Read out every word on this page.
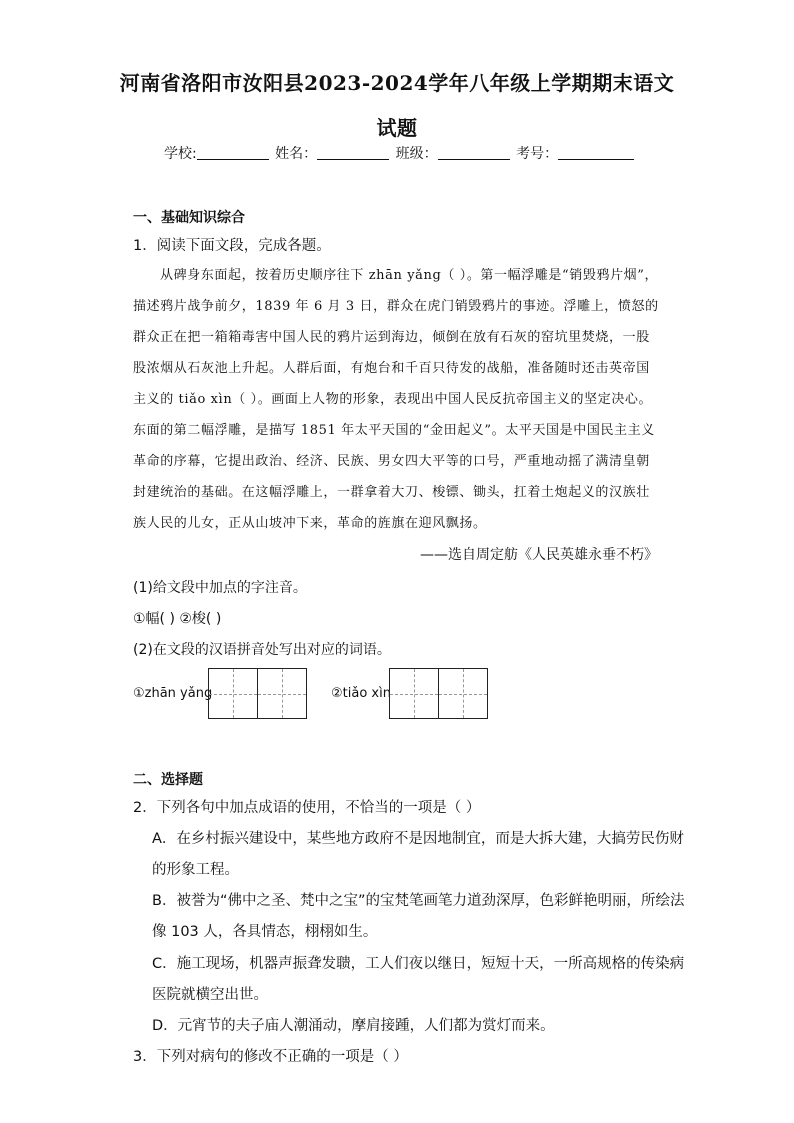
河南省洛阳市汝阳县2023-2024学年八年级上学期期末语文
试题
学校:	姓名：	班级：	考号：
一、基础知识综合
1．阅读下面文段，完成各题。
从碑身东面起，按着历史顺序往下 zhān yǎng（ ）。第一幅浮雕是“销毁鸦片烟”，
描述鸦片战争前夕，1839 年 6 月 3 日，群众在虎门销毁鸦片的事迹。浮雕上，愤怒的
群众正在把一箱箱毒害中国人民的鸦片运到海边，倾倒在放有石灰的窑坑里焚烧，一股
股浓烟从石灰池上升起。人群后面，有炮台和千百只待发的战船，准备随时还击英帝国
主义的 tiǎo xìn（ ）。画面上人物的形象，表现出中国人民反抗帝国主义的坚定决心。
东面的第二幅浮雕，是描写 1851 年太平天国的“金田起义”。太平天国是中国民主主义
革命的序幕，它提出政治、经济、民族、男女四大平等的口号，严重地动摇了满清皇朝
封建统治的基础。在这幅浮雕上，一群拿着大刀、梭镖、锄头，扛着土炮起义的汉族壮
族人民的儿女，正从山坡冲下来，革命的旌旗在迎风飘扬。
——选自周定舫《人民英雄永垂不朽》
(1)给文段中加点的字注音。
①幅( ) ②梭( )
(2)在文段的汉语拼音处写出对应的词语。
①zhān yǎng	②tiǎo xìn
二、选择题
2．下列各句中加点成语的使用，不恰当的一项是（ ）
A．在乡村振兴建设中，某些地方政府不是因地制宜，而是大拆大建，大搞劳民伤财
的形象工程。
B．被誉为“佛中之圣、梵中之宝”的宝梵笔画笔力道劲深厚，色彩鲜艳明丽，所绘法
像 103 人，各具情态，栩栩如生。
C．施工现场，机器声振聋发聩，工人们夜以继日，短短十天，一所高规格的传染病
医院就横空出世。
D．元宵节的夫子庙人潮涌动，摩肩接踵，人们都为赏灯而来。
3．下列对病句的修改不正确的一项是（ ）
